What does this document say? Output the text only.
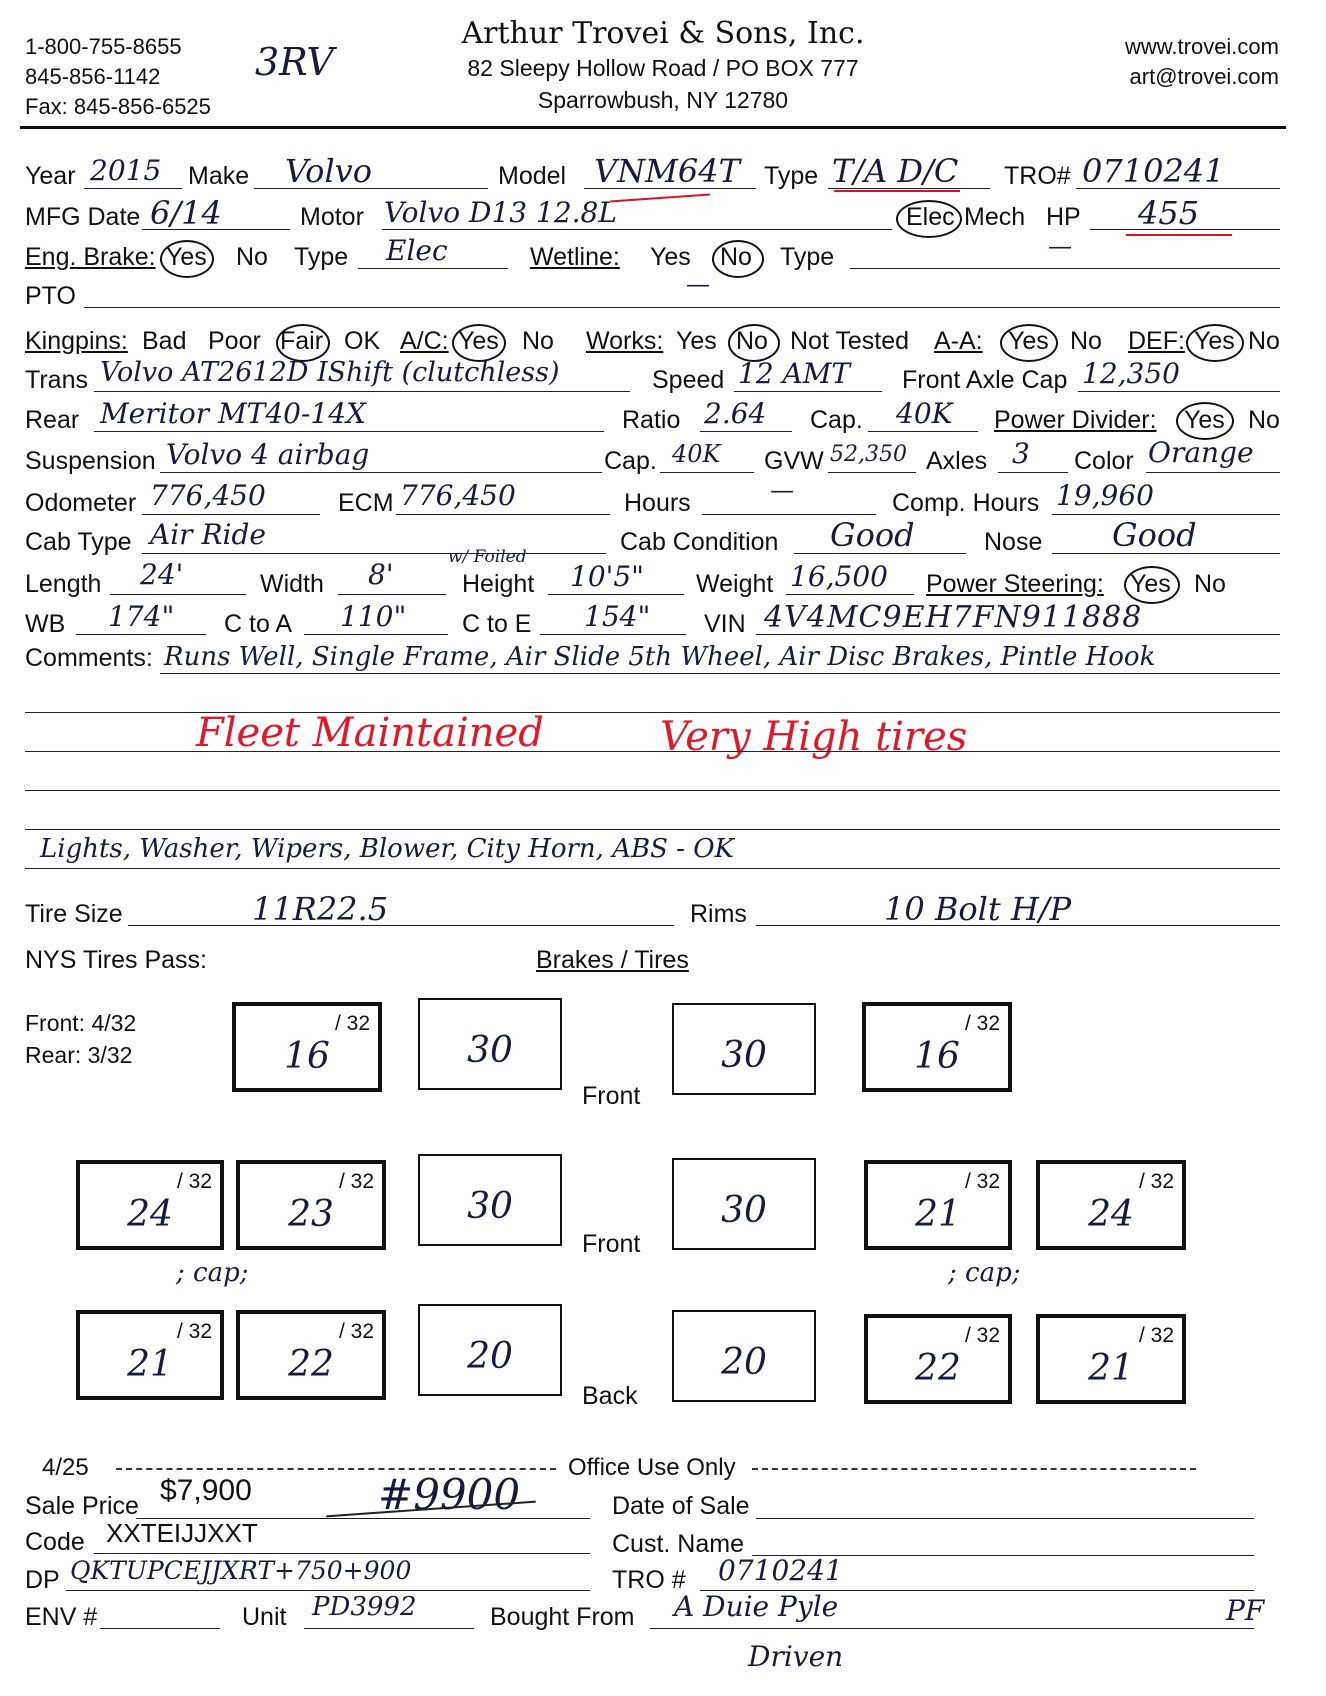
1-800-755-8655
845-856-1142
Fax: 845-856-6525
3RV
Arthur Trovei & Sons, Inc.
82 Sleepy Hollow Road / PO BOX 777
Sparrowbush, NY 12780
www.trovei.com
art@trovei.com
Year 2015 Make Volvo	Model VNM64T Type T/A D/C TRO# 0710241
MFG Date 6/14	Motor Volvo D13 12.8L	Elec Mech HP 455
Eng. Brake: Yes No Type Elec	Wetline: Yes No Type	—
PTO	—
Kingpins: Bad Poor Fair OK A/C: Yes No Works: Yes No Not Tested A-A: Yes No DEF: Yes No
Trans Volvo AT2612D IShift (clutchless)	Speed 12 AMT Front Axle Cap 12,350
Rear Meritor MT40-14X	Ratio 2.64 Cap. 40K Power Divider: Yes No
Suspension Volvo 4 airbag	Cap. 40K GVW 52,350 Axles 3 Color Orange
Odometer 776,450	ECM 776,450	Hours	—	Comp. Hours 19,960
Cab Type Air Ride	Cab Condition Good	Nose Good
Length 24'	Width 8'
w/ Foiled
Height 10'5" Weight 16,500 Power Steering: Yes No
WB 174" C to A 110" C to E 154" VIN 4V4MC9EH7FN911888
Comments: Runs Well, Single Frame, Air Slide 5th Wheel, Air Disc Brakes, Pintle Hook
Fleet Maintained	Very High tires
Lights, Washer, Wipers, Blower, City Horn, ABS - OK
Tire Size	11R22.5	Rims	10 Bolt H/P
NYS Tires Pass:	Brakes / Tires
Front: 4/32
Rear: 3/32
/ 32
16	30
Front
30
/ 32
16
/ 32
24
/ 32
23	30
Front
30
/ 32
21
/ 32
24
; cap;	; cap;
/ 32
21
/ 32
22	20
Back
20
/ 32
22
/ 32
21
4/25	Office Use Only
Sale Price $7,900	#9900	Date of Sale
Code XXTEIJJXXT	Cust. Name
DP QKTUPCEJJXRT+750+900	TRO # 0710241
ENV #	Unit PD3992	Bought From A Duie Pyle	PF
Driven
